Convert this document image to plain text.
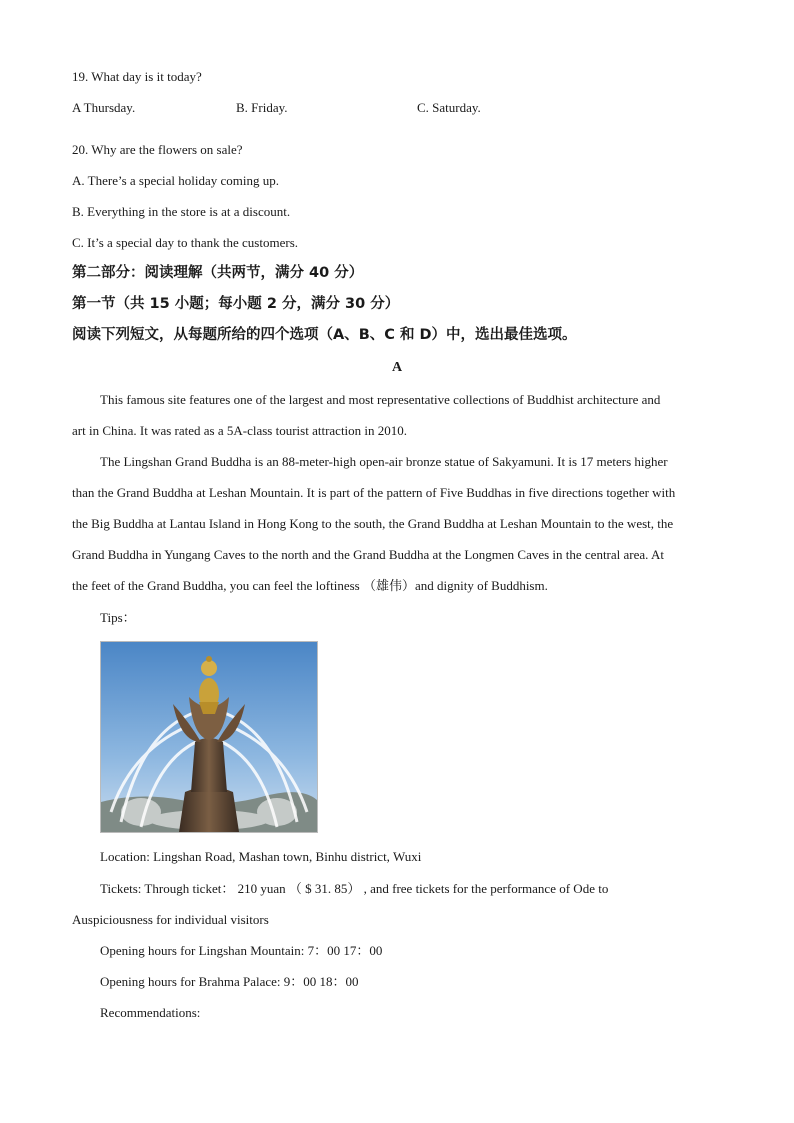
19. What day is it today?
A Thursday.	B. Friday.	C. Saturday.
20. Why are the flowers on sale?
A. There’s a special holiday coming up.
B. Everything in the store is at a discount.
C. It’s a special day to thank the customers.
第二部分：阅读理解（共两节，满分 40 分）
第一节（共 15 小题；每小题 2 分，满分 30 分）
阅读下列短文，从每题所给的四个选项（A、B、C 和 D）中，选出最佳选项。
A
This famous site features one of the largest and most representative collections of Buddhist architecture and
art in China. It was rated as a 5A-class tourist attraction in 2010.
The Lingshan Grand Buddha is an 88-meter-high open-air bronze statue of Sakyamuni. It is 17 meters higher
than the Grand Buddha at Leshan Mountain. It is part of the pattern of Five Buddhas in five directions together with
the Big Buddha at Lantau Island in Hong Kong to the south, the Grand Buddha at Leshan Mountain to the west, the
Grand Buddha in Yungang Caves to the north and the Grand Buddha at the Longmen Caves in the central area. At
the feet of the Grand Buddha, you can feel the loftiness （雄伟）and dignity of Buddhism.
Tips：
Location: Lingshan Road, Mashan town, Binhu district, Wuxi
Tickets: Through ticket： 210 yuan （ $ 31. 85） , and free tickets for the performance of Ode to
Auspiciousness for individual visitors
Opening hours for Lingshan Mountain: 7：00 17：00
Opening hours for Brahma Palace: 9：00 18：00
Recommendations:
